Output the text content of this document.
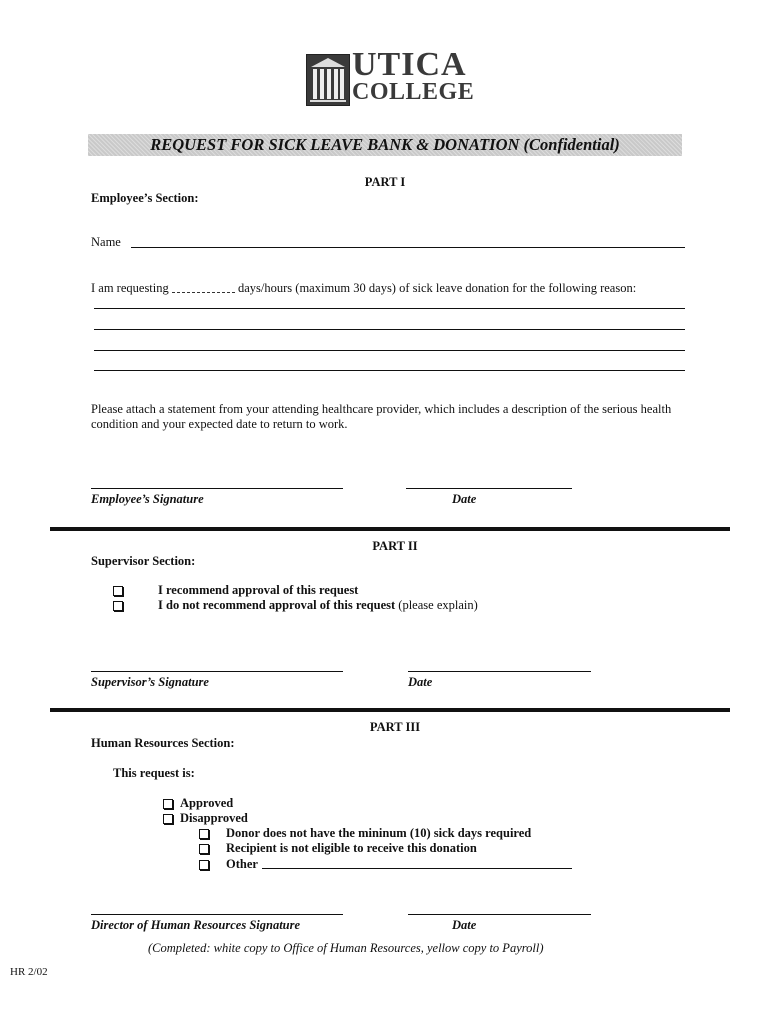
UTICA
COLLEGE
REQUEST FOR SICK LEAVE BANK & DONATION (Confidential)
PART I
Employee’s Section:
Name
I am requesting	days/hours (maximum 30 days) of sick leave donation for the following reason:
Please attach a statement from your attending healthcare provider, which includes a description of the serious health
condition and your expected date to return to work.
Employee’s Signature	Date
PART II
Supervisor Section:
I recommend approval of this request
I do not recommend approval of this request (please explain)
Supervisor’s Signature	Date
PART III
Human Resources Section:
This request is:
Approved
Disapproved
Donor does not have the mininum (10) sick days required
Recipient is not eligible to receive this donation
Other
Director of Human Resources Signature	Date
(Completed: white copy to Office of Human Resources, yellow copy to Payroll)
HR 2/02
